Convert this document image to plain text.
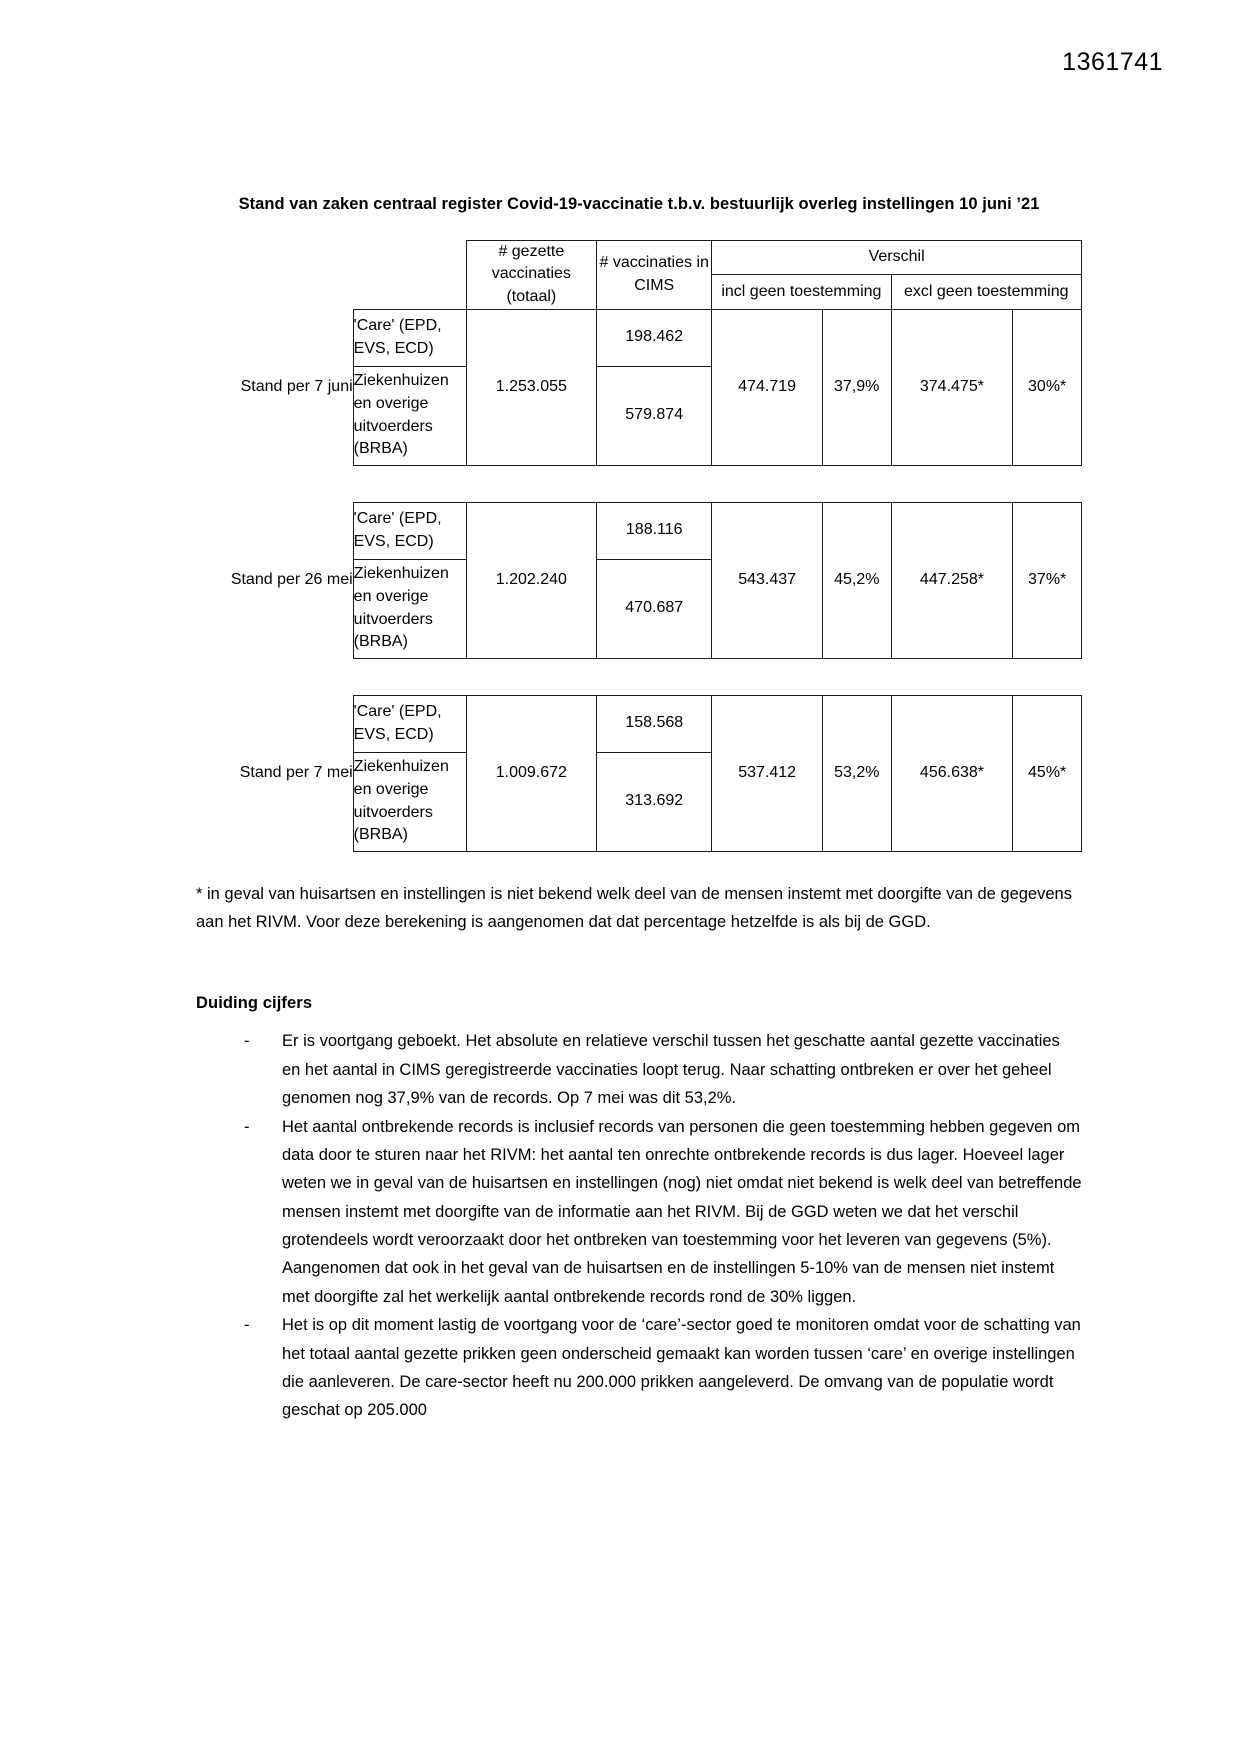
1361741
Stand van zaken centraal register Covid-19-vaccinatie t.b.v. bestuurlijk overleg instellingen 10 juni ’21
		# gezette vaccinaties (totaal)	# vaccinaties in CIMS	Verschil			
				incl geen toestemming		excl geen toestemming	
Stand per 7 juni	'Care' (EPD, EVS, ECD)	1.253.055	198.462	474.719	37,9%	374.475*	30%*
	Ziekenhuizen en overige uitvoerders (BRBA)		579.874				
Stand per 26 mei	'Care' (EPD, EVS, ECD)	1.202.240	188.116	543.437	45,2%	447.258*	37%*
	Ziekenhuizen en overige uitvoerders (BRBA)		470.687				
Stand per 7 mei	'Care' (EPD, EVS, ECD)	1.009.672	158.568	537.412	53,2%	456.638*	45%*
	Ziekenhuizen en overige uitvoerders (BRBA)		313.692				
* in geval van huisartsen en instellingen is niet bekend welk deel van de mensen instemt met doorgifte van de gegevens aan het RIVM. Voor deze berekening is aangenomen dat dat percentage hetzelfde is als bij de GGD.
Duiding cijfers
- Er is voortgang geboekt. Het absolute en relatieve verschil tussen het geschatte aantal gezette vaccinaties en het aantal in CIMS geregistreerde vaccinaties loopt terug. Naar schatting ontbreken er over het geheel genomen nog 37,9% van de records. Op 7 mei was dit 53,2%.
- Het aantal ontbrekende records is inclusief records van personen die geen toestemming hebben gegeven om data door te sturen naar het RIVM: het aantal ten onrechte ontbrekende records is dus lager. Hoeveel lager weten we in geval van de huisartsen en instellingen (nog) niet omdat niet bekend is welk deel van betreffende mensen instemt met doorgifte van de informatie aan het RIVM. Bij de GGD weten we dat het verschil grotendeels wordt veroorzaakt door het ontbreken van toestemming voor het leveren van gegevens (5%). Aangenomen dat ook in het geval van de huisartsen en de instellingen 5-10% van de mensen niet instemt met doorgifte zal het werkelijk aantal ontbrekende records rond de 30% liggen.
- Het is op dit moment lastig de voortgang voor de ‘care’-sector goed te monitoren omdat voor de schatting van het totaal aantal gezette prikken geen onderscheid gemaakt kan worden tussen ‘care’ en overige instellingen die aanleveren. De care-sector heeft nu 200.000 prikken aangeleverd. De omvang van de populatie wordt geschat op 205.000
